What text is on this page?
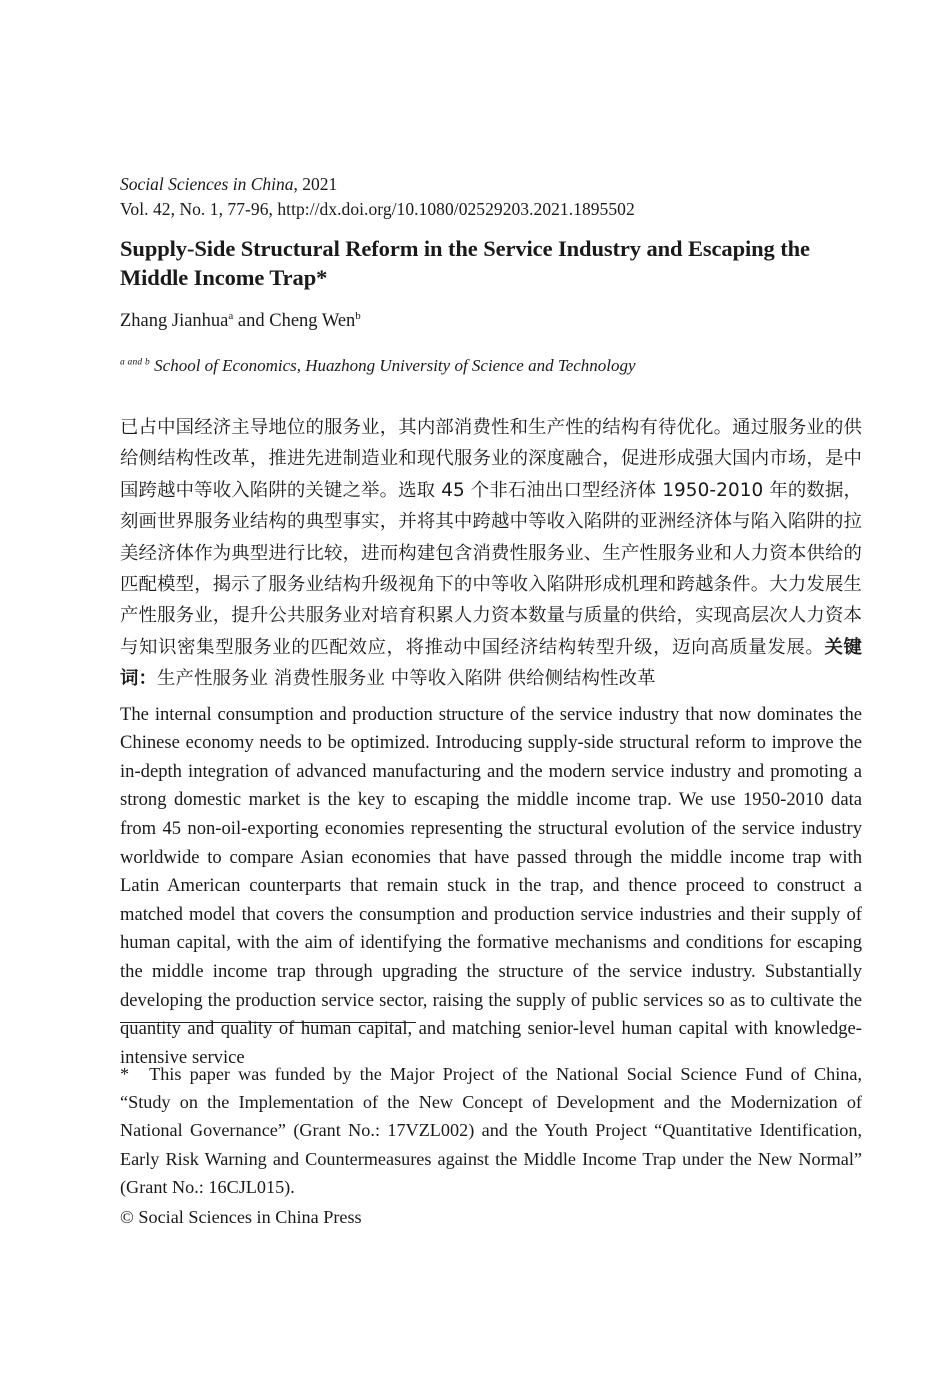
Social Sciences in China, 2021
Vol. 42, No. 1, 77-96, http://dx.doi.org/10.1080/02529203.2021.1895502
Supply-Side Structural Reform in the Service Industry and Escaping the Middle Income Trap*
Zhang Jianhua$^a$ and Cheng Wen$^b$
$^{a and b}$ School of Economics, Huazhong University of Science and Technology
已占中国经济主导地位的服务业，其内部消费性和生产性的结构有待优化。通过服务业的供给侧结构性改革，推进先进制造业和现代服务业的深度融合，促进形成强大国内市场，是中国跨越中等收入陷阱的关键之举。选取 45 个非石油出口型经济体 1950-2010 年的数据，刻画世界服务业结构的典型事实，并将其中跨越中等收入陷阱的亚洲经济体与陷入陷阱的拉美经济体作为典型进行比较，进而构建包含消费性服务业、生产性服务业和人力资本供给的匹配模型，揭示了服务业结构升级视角下的中等收入陷阱形成机理和跨越条件。大力发展生产性服务业，提升公共服务业对培育积累人力资本数量与质量的供给，实现高层次人力资本与知识密集型服务业的匹配效应，将推动中国经济结构转型升级，迈向高质量发展。关键词：生产性服务业 消费性服务业 中等收入陷阱 供给侧结构性改革
The internal consumption and production structure of the service industry that now dominates the Chinese economy needs to be optimized. Introducing supply-side structural reform to improve the in-depth integration of advanced manufacturing and the modern service industry and promoting a strong domestic market is the key to escaping the middle income trap. We use 1950-2010 data from 45 non-oil-exporting economies representing the structural evolution of the service industry worldwide to compare Asian economies that have passed through the middle income trap with Latin American counterparts that remain stuck in the trap, and thence proceed to construct a matched model that covers the consumption and production service industries and their supply of human capital, with the aim of identifying the formative mechanisms and conditions for escaping the middle income trap through upgrading the structure of the service industry. Substantially developing the production service sector, raising the supply of public services so as to cultivate the quantity and quality of human capital, and matching senior-level human capital with knowledge-intensive service
* This paper was funded by the Major Project of the National Social Science Fund of China, “Study on the Implementation of the New Concept of Development and the Modernization of National Governance” (Grant No.: 17VZL002) and the Youth Project “Quantitative Identification, Early Risk Warning and Countermeasures against the Middle Income Trap under the New Normal” (Grant No.: 16CJL015).
© Social Sciences in China Press
